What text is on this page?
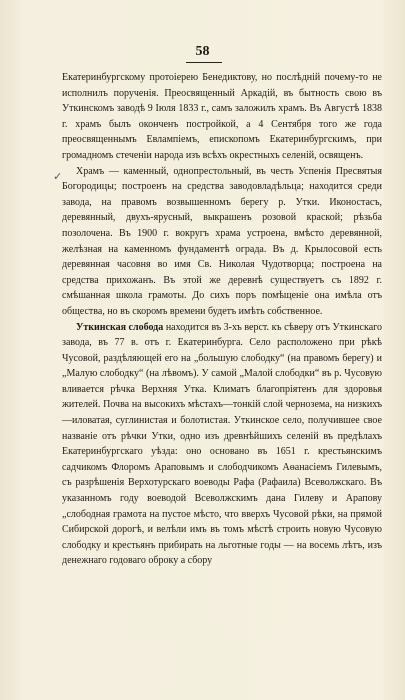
58
✓

Екатеринбургскому протоіерею Бенедиктову, но послѣдній почему-то не исполнилъ порученія. Преосвященный Аркадій, въ бытность свою въ Уткинскомъ заводѣ 9 Іюля 1833 г., самъ заложилъ храмъ. Въ Августѣ 1838 г. храмъ былъ оконченъ постройкой, а 4 Сентября того же года преосвященнымъ Евлампіемъ, епископомъ Екатеринбургскимъ, при громадномъ стеченіи народа изъ всѣхъ окрестныхъ селеній, освященъ.

Храмъ — каменный, однопрестольный, въ честь Успенія Пресвятыя Богородицы; построенъ на средства заводовладѣльца; находится среди завода, на правомъ возвышенномъ берегу р. Утки. Иконостасъ, деревянный, двухъ-ярусный, выкрашенъ розовой краской; рѣзьба позолочена. Въ 1900 г. вокругъ храма устроена, вмѣсто деревянной, желѣзная на каменномъ фундаментѣ ограда. Въ д. Крылосовой есть деревянная часовня во имя Св. Николая Чудотворца; построена на средства прихожанъ. Въ этой же деревнѣ существуетъ съ 1892 г. смѣшанная школа грамоты. До сихъ поръ помѣщеніе она имѣла отъ общества, но въ скоромъ времени будетъ имѣть собственное.

Уткинская слобода находится въ 3-хъ верст. къ сѣверу отъ Уткинскаго завода, въ 77 в. отъ г. Екатеринбурга. Село расположено при рѣкѣ Чусовой, раздѣляющей его на „большую слободку“ (на правомъ берегу) и „Малую слободку“ (на лѣвомъ). У самой „Малой слободки“ въ р. Чусовую вливается рѣчка Верхняя Утка. Климатъ благопріятенъ для здоровья жителей. Почва на высокихъ мѣстахъ—тонкій слой чернозема, на низкихъ—иловатая, суглинистая и болотистая. Уткинское село, получившее свое названіе отъ рѣчки Утки, одно изъ древнѣйшихъ селеній въ предѣлахъ Екатеринбургскаго уѣзда: оно основано въ 1651 г. крестьянскимъ садчикомъ Флоромъ Араповымъ и слободчикомъ Аѳанасіемъ Гилевымъ, съ разрѣшенія Верхотурскаго воеводы Рафа (Рафаила) Всеволжскаго. Въ указанномъ году воеводой Всеволжскимъ дана Гилеву и Арапову „слободная грамота на пустое мѣсто, что вверхъ Чусовой рѣки, на прямой Сибирской дорогѣ, и велѣли имъ въ томъ мѣстѣ строить новую Чусовую слободку и крестьянъ прибирать на льготные годы — на восемь лѣтъ, изъ денежнаго годоваго оброку а сбору
